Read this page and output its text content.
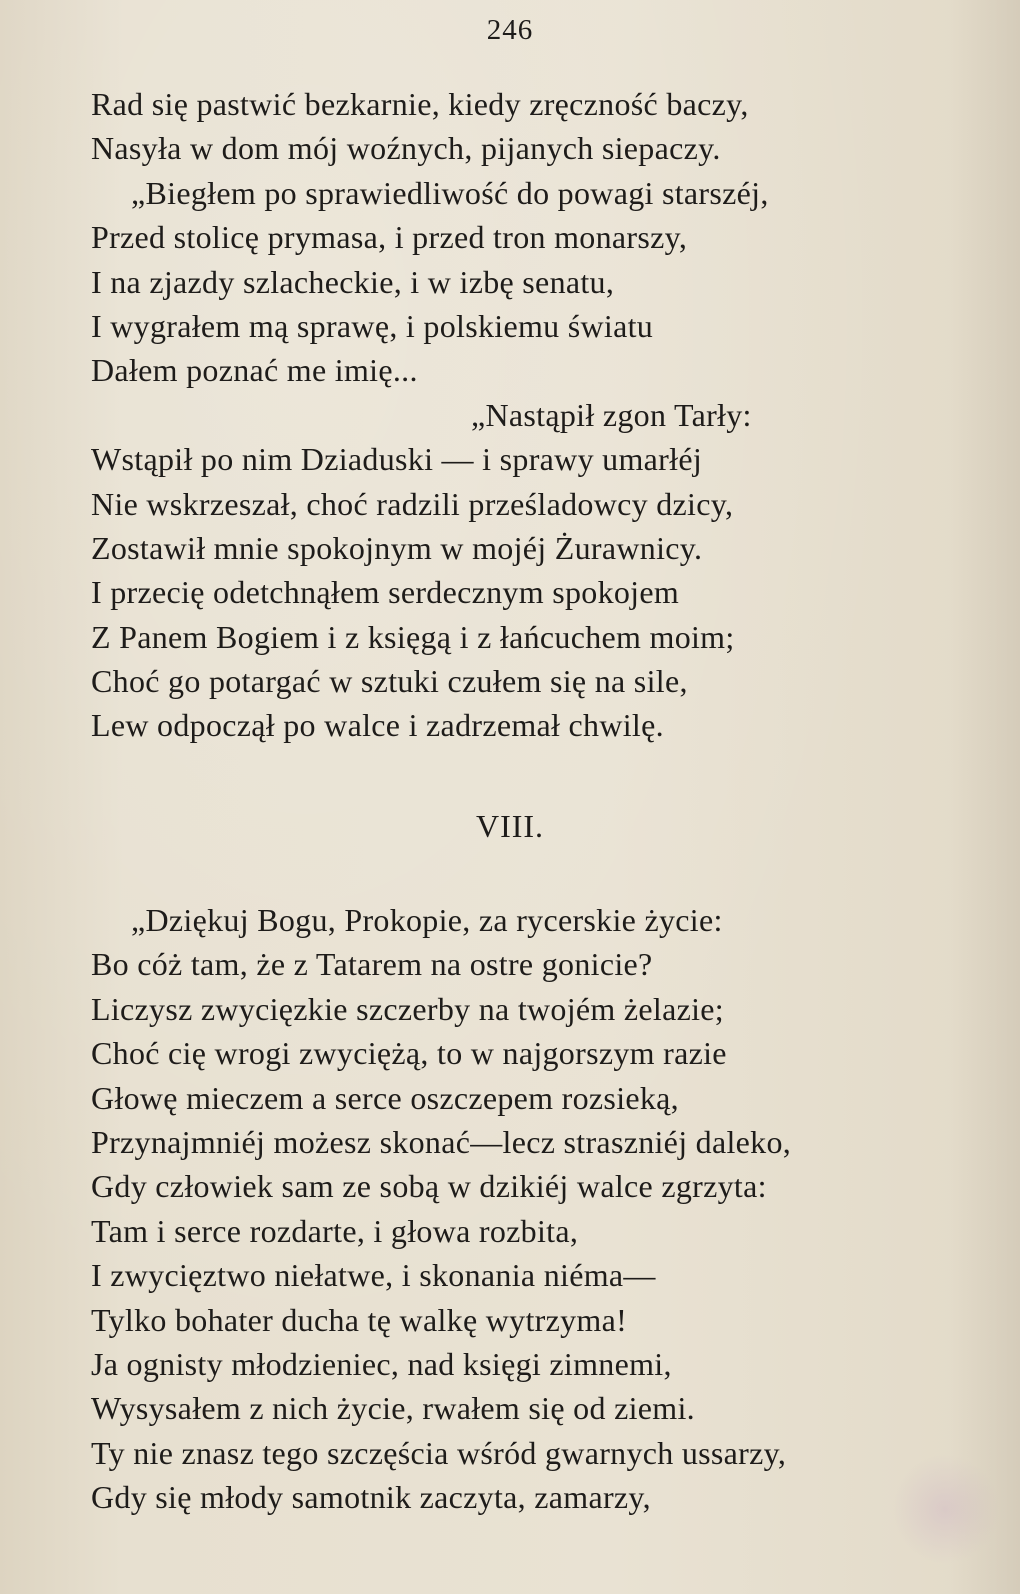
246
Rad się pastwić bezkarnie, kiedy zręczność baczy,
Nasyła w dom mój woźnych, pijanych siepaczy.
„Biegłem po sprawiedliwość do powagi starszéj,
Przed stolicę prymasa, i przed tron monarszy,
I na zjazdy szlacheckie, i w izbę senatu,
I wygrałem mą sprawę, i polskiemu światu
Dałem poznać me imię...
„Nastąpił zgon Tarły:
Wstąpił po nim Dziaduski — i sprawy umarłéj
Nie wskrzeszał, choć radzili prześladowcy dzicy,
Zostawił mnie spokojnym w mojéj Żurawnicy.
I przecię odetchnąłem serdecznym spokojem
Z Panem Bogiem i z księgą i z łańcuchem moim;
Choć go potargać w sztuki czułem się na sile,
Lew odpoczął po walce i zadrzemał chwilę.
VIII.
„Dziękuj Bogu, Prokopie, za rycerskie życie:
Bo cóż tam, że z Tatarem na ostre gonicie?
Liczysz zwycięzkie szczerby na twojém żelazie;
Choć cię wrogi zwyciężą, to w najgorszym razie
Głowę mieczem a serce oszczepem rozsieką,
Przynajmniéj możesz skonać—lecz straszniéj daleko,
Gdy człowiek sam ze sobą w dzikiéj walce zgrzyta:
Tam i serce rozdarte, i głowa rozbita,
I zwycięztwo niełatwe, i skonania niéma—
Tylko bohater ducha tę walkę wytrzyma!
Ja ognisty młodzieniec, nad księgi zimnemi,
Wysysałem z nich życie, rwałem się od ziemi.
Ty nie znasz tego szczęścia wśród gwarnych ussarzy,
Gdy się młody samotnik zaczyta, zamarzy,
